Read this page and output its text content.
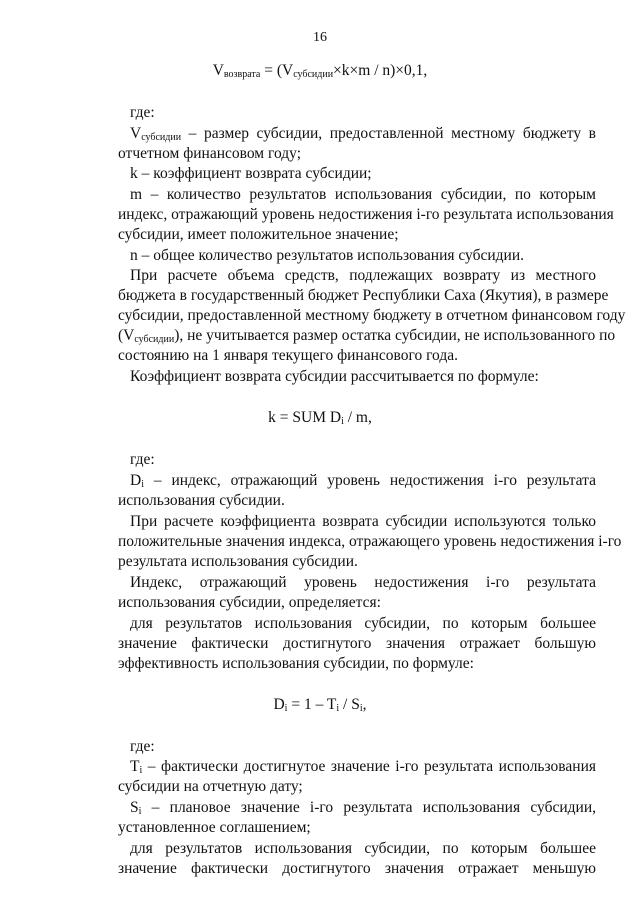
16
$V_{возврата} = (V_{субсидии}\times k\times m / n)\times 0,1$,
где:
$V_{субсидии}$ – размер субсидии, предоставленной местному бюджету в
отчетном финансовом году;
k – коэффициент возврата субсидии;
m – количество результатов использования субсидии, по которым
индекс, отражающий уровень недостижения i-го результата использования
субсидии, имеет положительное значение;
n – общее количество результатов использования субсидии.
При расчете объема средств, подлежащих возврату из местного
бюджета в государственный бюджет Республики Саха (Якутия), в размере
субсидии, предоставленной местному бюджету в отчетном финансовом году
$(V_{субсидии})$, не учитывается размер остатка субсидии, не использованного по
состоянию на 1 января текущего финансового года.
Коэффициент возврата субсидии рассчитывается по формуле:
k = SUM $D_i$ / m,
где:
$D_i$ – индекс, отражающий уровень недостижения i-го результата
использования субсидии.
При расчете коэффициента возврата субсидии используются только
положительные значения индекса, отражающего уровень недостижения i-го
результата использования субсидии.
Индекс, отражающий уровень недостижения i-го результата
использования субсидии, определяется:
для результатов использования субсидии, по которым большее
значение фактически достигнутого значения отражает большую
эффективность использования субсидии, по формуле:
$D_i = 1 - T_i / S_i$,
где:
$T_i$ – фактически достигнутое значение i-го результата использования
субсидии на отчетную дату;
$S_i$ – плановое значение i-го результата использования субсидии,
установленное соглашением;
для результатов использования субсидии, по которым большее
значение фактически достигнутого значения отражает меньшую
